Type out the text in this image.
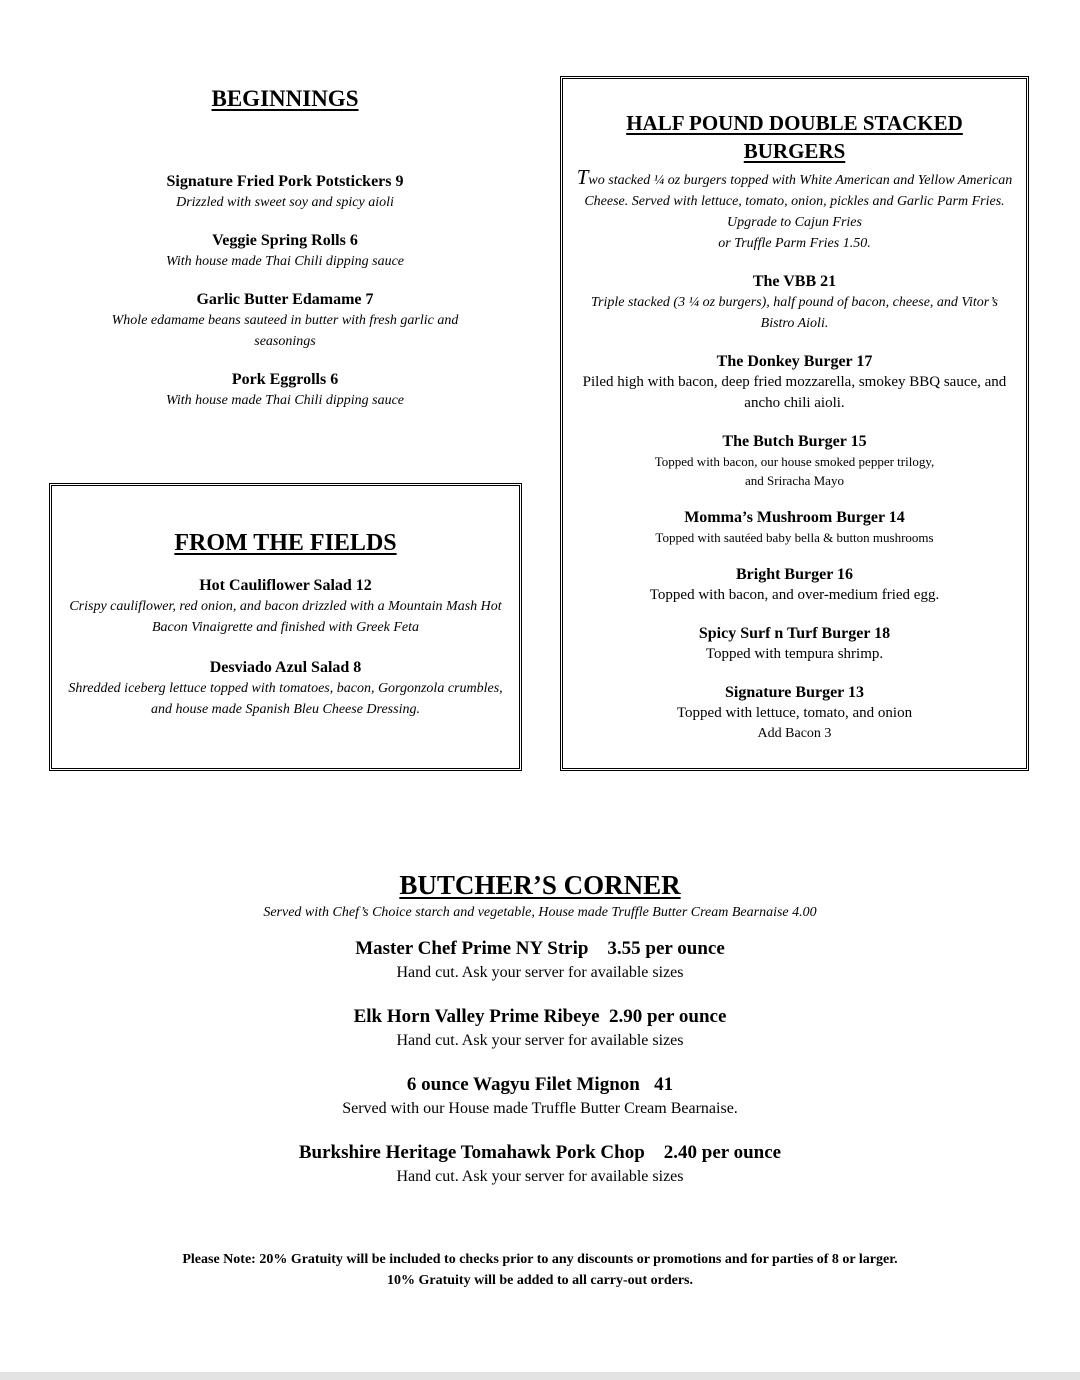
BEGINNINGS
Signature Fried Pork Potstickers 9
Drizzled with sweet soy and spicy aioli
Veggie Spring Rolls 6
With house made Thai Chili dipping sauce
Garlic Butter Edamame 7
Whole edamame beans sauteed in butter with fresh garlic and seasonings
Pork Eggrolls 6
With house made Thai Chili dipping sauce
FROM THE FIELDS
Hot Cauliflower Salad 12
Crispy cauliflower, red onion, and bacon drizzled with a Mountain Mash Hot Bacon Vinaigrette and finished with Greek Feta
Desviado Azul Salad 8
Shredded iceberg lettuce topped with tomatoes, bacon, Gorgonzola crumbles, and house made Spanish Bleu Cheese Dressing.
HALF POUND DOUBLE STACKED BURGERS
Two stacked ¼ oz burgers topped with White American and Yellow American Cheese. Served with lettuce, tomato, onion, pickles and Garlic Parm Fries. Upgrade to Cajun Fries
or Truffle Parm Fries 1.50.
The VBB 21
Triple stacked (3 ¼ oz burgers), half pound of bacon, cheese, and Vitor’s Bistro Aioli.
The Donkey Burger 17
Piled high with bacon, deep fried mozzarella, smokey BBQ sauce, and ancho chili aioli.
The Butch Burger 15
Topped with bacon, our house smoked pepper trilogy,
and Sriracha Mayo
Momma’s Mushroom Burger 14
Topped with sautéed baby bella & button mushrooms
Bright Burger 16
Topped with bacon, and over-medium fried egg.
Spicy Surf n Turf Burger 18
Topped with tempura shrimp.
Signature Burger 13
Topped with lettuce, tomato, and onion
Add Bacon 3
BUTCHER’S CORNER
Served with Chef’s Choice starch and vegetable, House made Truffle Butter Cream Bearnaise 4.00
Master Chef Prime NY Strip    3.55 per ounce
Hand cut. Ask your server for available sizes
Elk Horn Valley Prime Ribeye  2.90 per ounce
Hand cut. Ask your server for available sizes
6 ounce Wagyu Filet Mignon   41
Served with our House made Truffle Butter Cream Bearnaise.
Burkshire Heritage Tomahawk Pork Chop    2.40 per ounce
Hand cut. Ask your server for available sizes
Please Note: 20% Gratuity will be included to checks prior to any discounts or promotions and for parties of 8 or larger.
10% Gratuity will be added to all carry-out orders.
